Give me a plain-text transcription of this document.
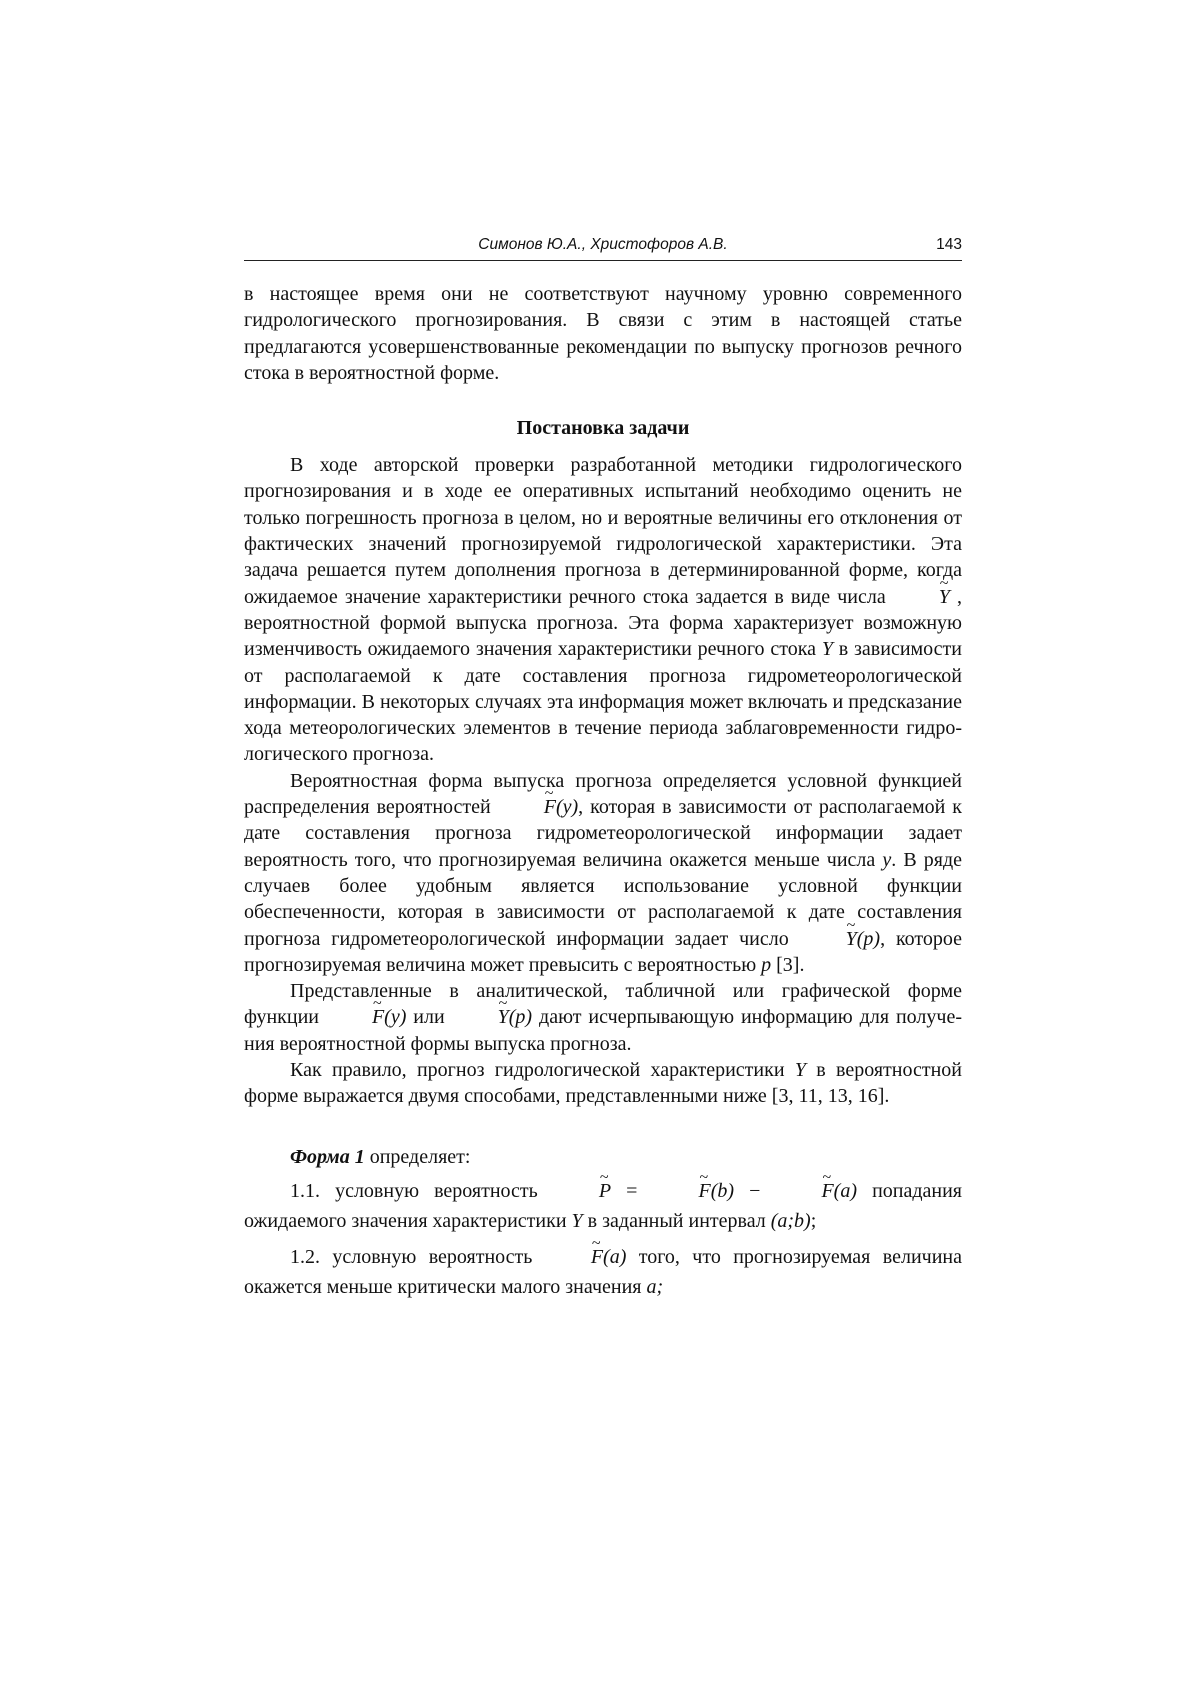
Симонов Ю.А., Христофоров А.В.	143

в настоящее время они не соответствуют научному уровню современного гидрологического прогнозирования. В связи с этим в настоящей статье предлагаются усовершенствованные рекомендации по выпуску прогнозов речного стока в вероятностной форме.

Постановка задачи

В ходе авторской проверки разработанной методики гидрологического прогнозирования и в ходе ее оперативных испытаний необходимо оценить не только погрешность прогноза в целом, но и вероятные величины его отклонения от фактических значений прогнозируемой гидрологической характеристики. Эта задача решается путем дополнения прогноза в детерминированной форме, когда ожидаемое значение характеристики речного стока задается в виде числа ~ Y , вероятностной формой выпуска прогноза. Эта форма характеризует возможную изменчивость ожидаемого значения характеристики речного стока Y в зависимости от располагаемой к дате составления прогноза гидрометеорологической информации. В некоторых случаях эта информация может включать и предсказание хода метеорологических элементов в течение периода заблаговременности гидрологического прогноза.

Вероятностная форма выпуска прогноза определяется условной функцией распределения вероятностей ~ F(y), которая в зависимости от располагаемой к дате составления прогноза гидрометеорологической информации задает вероятность того, что прогнозируемая величина окажется меньше числа y. В ряде случаев более удобным является использование условной функции обеспеченности, которая в зависимости от располагаемой к дате составления прогноза гидрометеорологической информации задает число ~ Y(p), которое прогнозируемая величина может превысить с вероятностью p [3].

Представленные в аналитической, табличной или графической форме функции ~ F(y) или ~ Y(p) дают исчерпывающую информацию для получения вероятностной формы выпуска прогноза.

Как правило, прогноз гидрологической характеристики Y в вероятностной форме выражается двумя способами, представленными ниже [3, 11, 13, 16].

Форма 1 определяет:

1.1. условную вероятность ~ P = ~ F(b) − ~ F(a) попадания ожидаемого значения характеристики Y в заданный интервал (a;b);

1.2. условную вероятность ~ F(a) того, что прогнозируемая величина окажется меньше критически малого значения a;
